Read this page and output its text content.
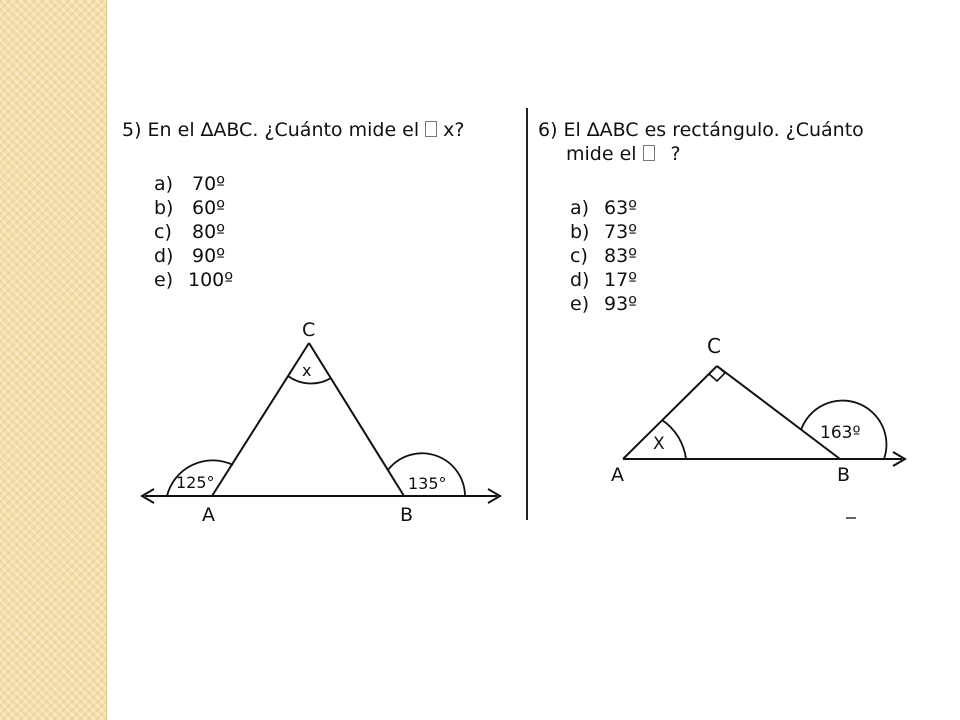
5) En el ∆ABC. ¿Cuánto mide el x?
a) 70º
b) 60º
c) 80º
d) 90º
e) 100º
6) El ∆ABC es rectángulo. ¿Cuánto
mide el ?
a) 63º
b) 73º
c) 83º
d) 17º
e) 93º
C
x
125°	135°
A	B
C
X
163º
A	B
